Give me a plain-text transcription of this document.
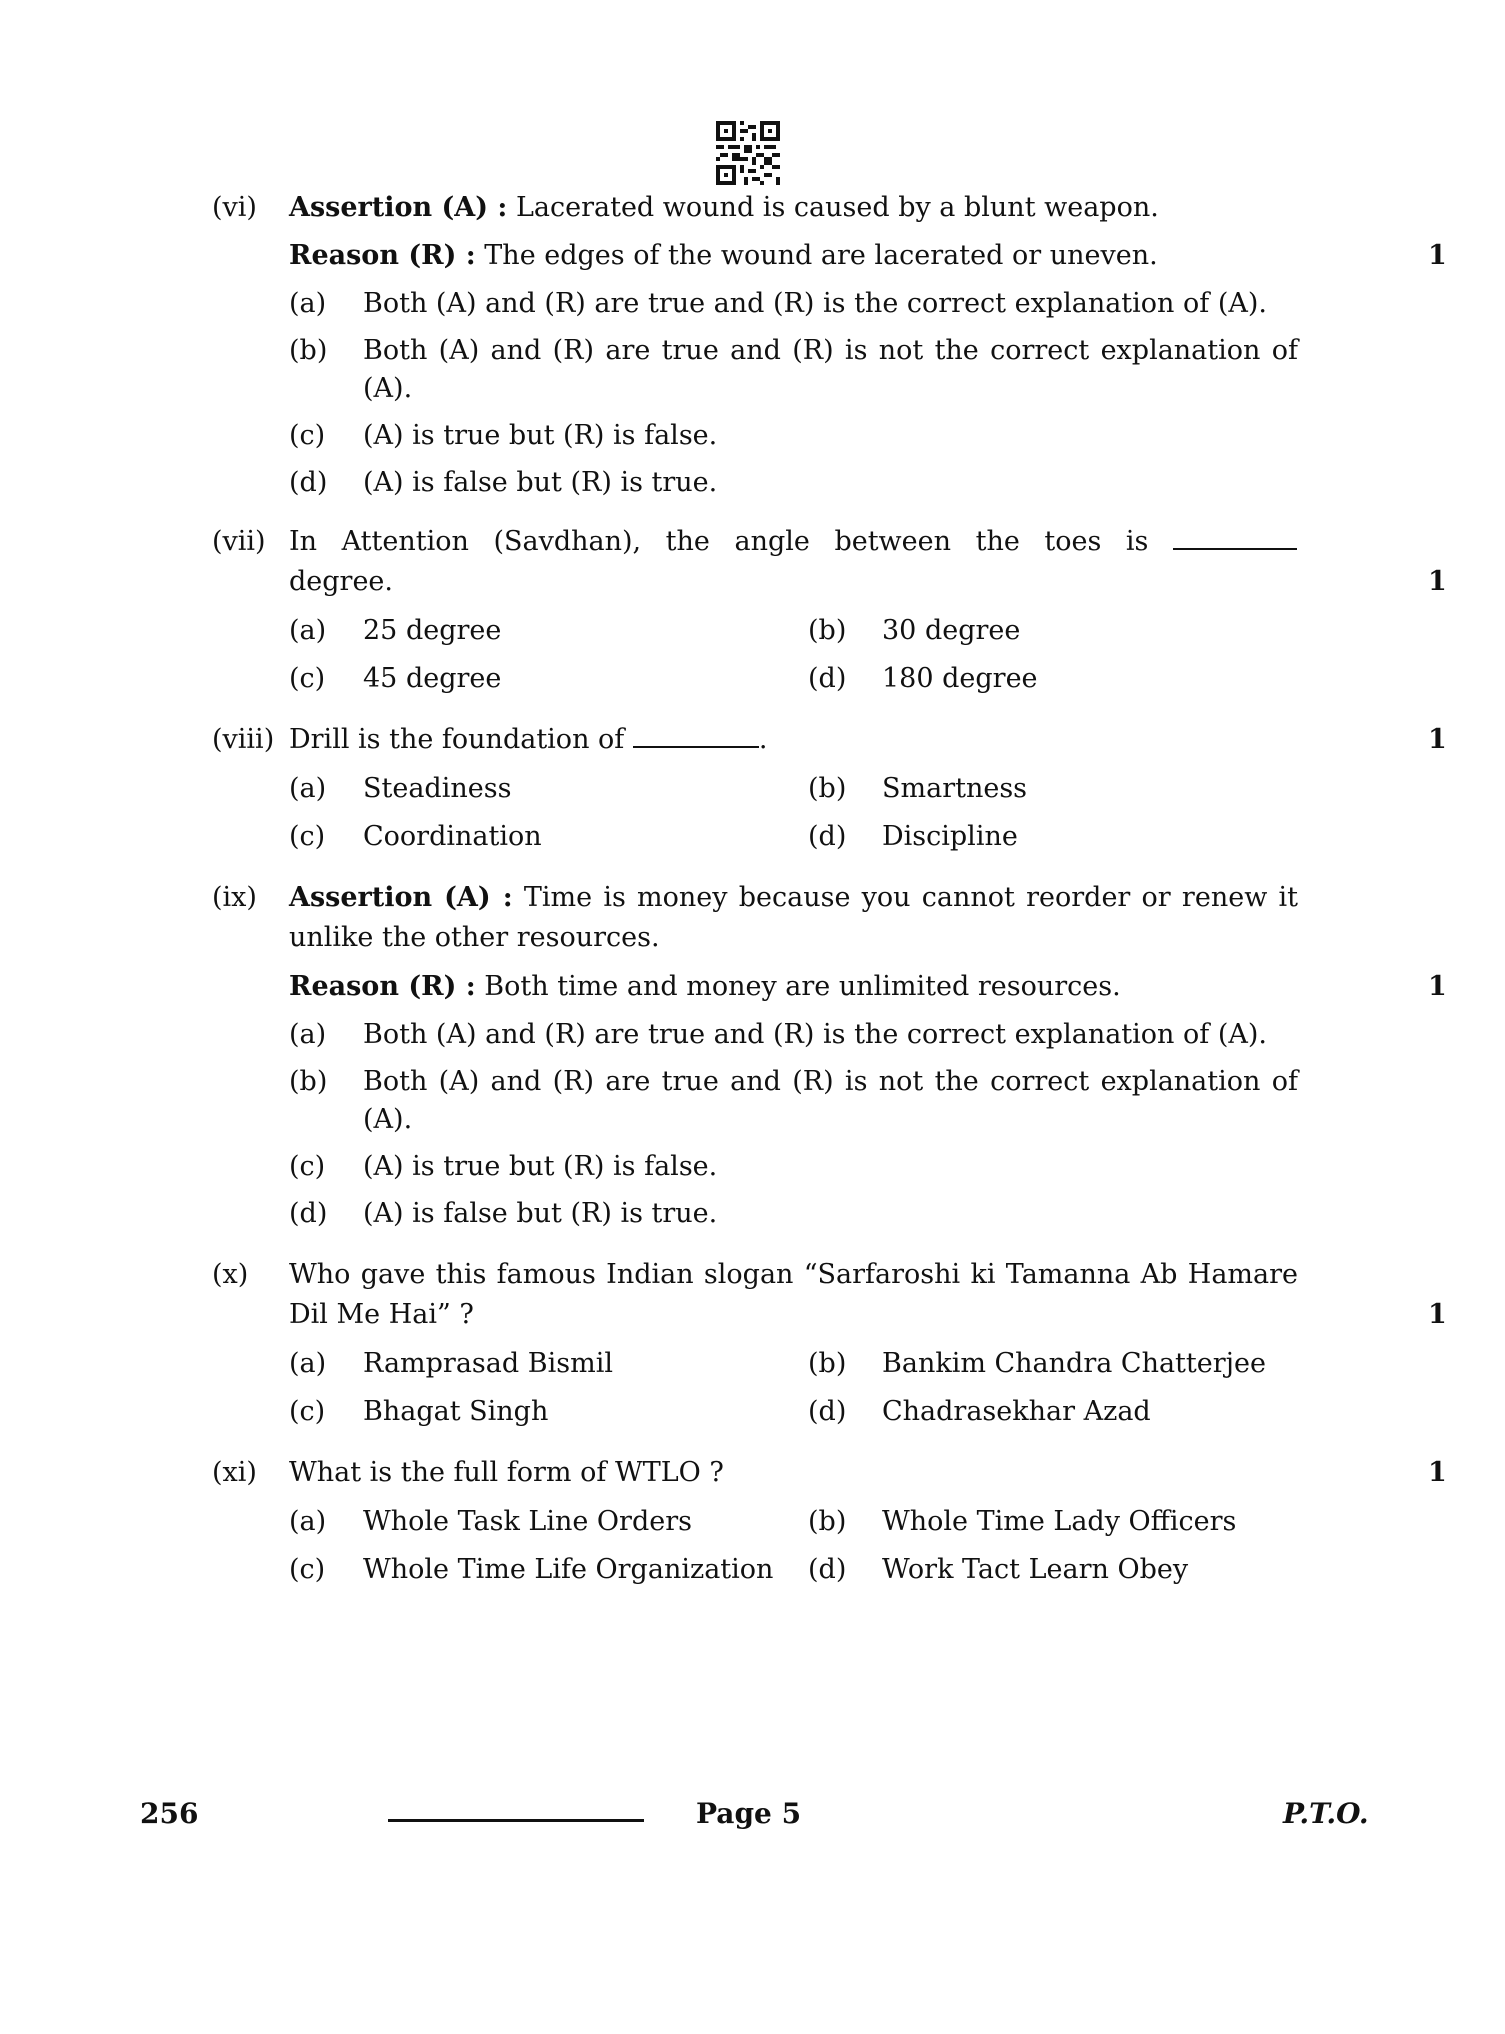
(vi) Assertion (A) : Lacerated wound is caused by a blunt weapon.
Reason (R) : The edges of the wound are lacerated or uneven.	1
(a)	Both (A) and (R) are true and (R) is the correct explanation of (A).
(b)	Both (A) and (R) are true and (R) is not the correct explanation of (A).
(c)	(A) is true but (R) is false.
(d)	(A) is false but (R) is true.
(vii) In Attention (Savdhan), the angle between the toes is
degree.	1
(a)	25 degree	(b)	30 degree
(c)	45 degree	(d)	180 degree
(viii) Drill is the foundation of	.	1
(a)	Steadiness	(b)	Smartness
(c)	Coordination	(d)	Discipline
(ix) Assertion (A) : Time is money because you cannot reorder or renew it unlike the other resources.
Reason (R) : Both time and money are unlimited resources.	1
(a)	Both (A) and (R) are true and (R) is the correct explanation of (A).
(b)	Both (A) and (R) are true and (R) is not the correct explanation of (A).
(c)	(A) is true but (R) is false.
(d)	(A) is false but (R) is true.
(x) Who gave this famous Indian slogan “Sarfaroshi ki Tamanna Ab Hamare Dil Me Hai” ?	1
(a)	Ramprasad Bismil	(b)	Bankim Chandra Chatterjee
(c)	Bhagat Singh	(d)	Chadrasekhar Azad
(xi) What is the full form of WTLO ?	1
(a)	Whole Task Line Orders	(b)	Whole Time Lady Officers
(c)	Whole Time Life Organization	(d)	Work Tact Learn Obey
256	Page 5	P.T.O.
